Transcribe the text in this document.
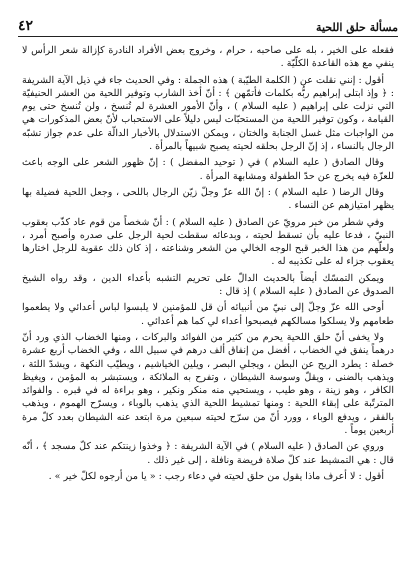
٤٢	مسألة حلق اللحية

فقعله على الخير ، بله على صاحبه ، حرام ، وخروج بعض الأفراد النادرة كإزالة شعر الرأس لا ينفي مع هذه القاعدة الكلّيّة .

أقول : إنني نقلت عن ( الكلمة الطيّبة ) هذه الجملة : وفي الحديث جاء في ذيل الآية الشريفة : ﴿ وإذ ابتلى إبراهيم ربُّه بكلمات فأتمّهن ﴾ : أنّ أخذ الشارب وتوفير اللحية من العشر الحنيفيّة التي نزلت على إبراهيم ( عليه السلام ) ، وأنّ الأمور العشرة لم تُنسخ ، ولن تُنسخ حتى يوم القيامة ، وكون توفير اللحية من المستحبّات ليس دليلاً على الاستحباب لأنّ بعض المذكورات هي من الواجبات مثل غسل الجنابة والختان ، ويمكن الاستدلال بالأخبار الدالّة على عدم جواز تشبّه الرجال بالنساء ، إذ إنّ الرجل بحلقه لحيته يصبح شبيهاً بالمرأة .

وقال الصادق ( عليه السلام ) في ( توحيد المفضل ) : إنّ ظهور الشعر على الوجه باعث للعزّة فيه يخرج عن حدّ الطفولة ومشابهة المرأة .

وقال الرضا ( عليه السلام ) : إنّ الله عزّ وجلّ زيّن الرجال باللحى ، وجعل اللحية فضيلة بها يظهر امتيازهم عن النساء .

وفي شطر من خبر مرويّ عن الصادق ( عليه السلام ) : أنّ شخصاً من قوم عاد كذّب بعقوب النبيّ ، فدعا عليه بأن تسقط لحيته ، وبدعائه سقطت لحية الرجل على صدره وأصبح أمرد ، ولعلّهم من هذا الخبر قبح الوجه الخالي من الشعر وشناعته ، إذ كان ذلك عقوبة للرجل اختارها يعقوب جزاء له على تكذيبه له .

ويمكن التمسّك أيضاً بالحديث الدالّ على تحريم التشبه بأعداء الدين ، وقد رواه الشيخ الصدوق عن الصادق ( عليه السلام ) إذ قال :

أوحى الله عزّ وجلّ إلى نبيّ من أنبيائه أن قل للمؤمنين لا يلبسوا لباس أعدائي ولا يطعموا طعامهم ولا يسلكوا مسالكهم فيصبحوا أعداء لي كما هم أعدائي .

ولا يخفى أنّ حلق اللحية يحرم من كثير من الفوائد والبركات ، ومنها الخضاب الذي ورد أنّ درهماً ينفق في الخضاب ، أفضل من إنفاق ألف درهم في سبيل الله ، وفي الخضاب أربع عشرة خصلة : يطرد الريح عن البطن ، ويجلي البصر ، ويلين الخياشيم ، ويطيّب النكهة ، ويشدّ اللثة ، ويذهب بالضنى ، ويقلّ وسوسة الشيطان ، وتفرح به الملائكة ، ويستبشر به المؤمن ، ويغيظ الكافر ، وهو زينة ، وهو طيب ، ويستحيي منه منكر ونكير ، وهو براءة له في قبره . والفوائد المترتّبة على إبقاء اللحية : ومنها تمشيط اللحية الذي يذهب بالوباء ، ويسرّح الهموم ، ويذهب بالفقر ، ويدفع الوباء ، وورد أنّ من سرّح لحيته سبعين مرة ابتعد عنه الشيطان بعدد كلّ مرة أربعين يوماً .

وروي عن الصادق ( عليه السلام ) في الآية الشريفة : ﴿ وخذوا زينتكم عند كلّ مسجد ﴾ ، أنّه قال : هي التمشيط عند كلّ صلاة فريضة ونافلة ، إلى غير ذلك .

أقول : لا أعرف ماذا يقول من حلق لحيته في دعاء رجب : « يا من أرجوه لكلّ خير » .
